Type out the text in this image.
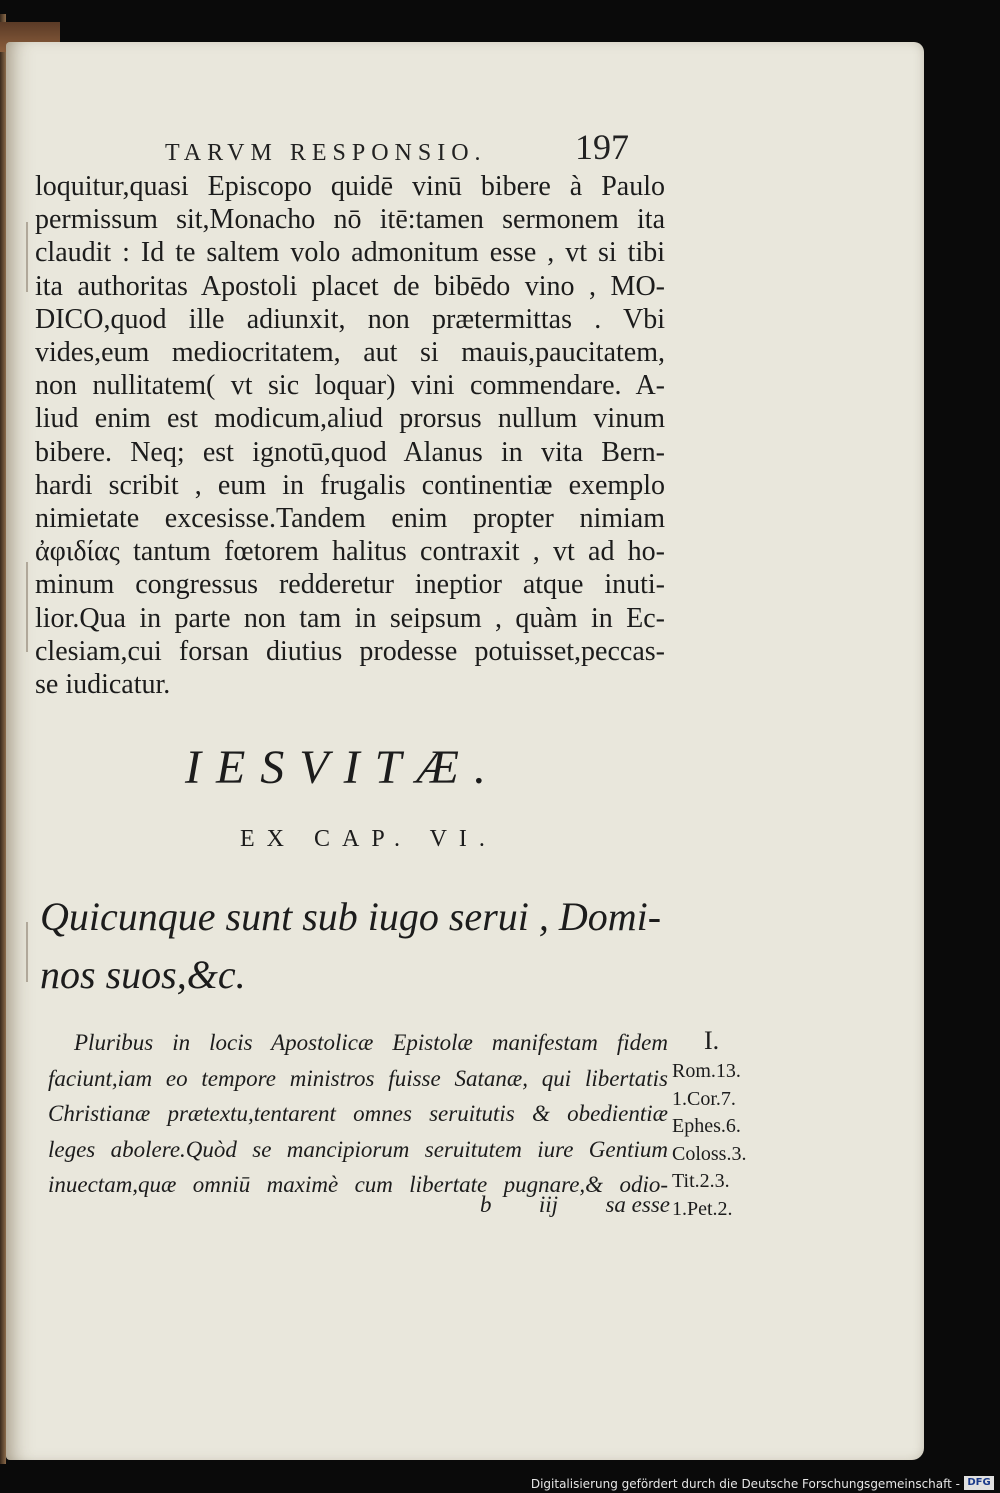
TARVM RESPONSIO. 197
loquitur,quasi Episcopo quidē vinū bibere à Paulo
permissum sit,Monacho nō itē:tamen sermonem ita
claudit : Id te saltem volo admonitum esse , vt si tibi
ita authoritas Apostoli placet de bibēdo vino , MO-
DICO,quod ille adiunxit, non prætermittas . Vbi
vides,eum mediocritatem, aut si mauis,paucitatem,
non nullitatem( vt sic loquar) vini commendare. A-
liud enim est modicum,aliud prorsus nullum vinum
bibere. Neq; est ignotū,quod Alanus in vita Bern-
hardi scribit , eum in frugalis continentiæ exemplo
nimietate excesisse.Tandem enim propter nimiam
ἀφιδίας tantum fœtorem halitus contraxit , vt ad ho-
minum congressus redderetur ineptior atque inuti-
lior.Qua in parte non tam in seipsum , quàm in Ec-
clesiam,cui forsan diutius prodesse potuisset,peccas-
se iudicatur.
IESVITÆ.
EX CAP. VI.
Quicunque sunt sub iugo serui , Domi-
nos suos,&c.
Pluribus in locis Apostolicæ Epistolæ manifestam fidem
faciunt,iam eo tempore ministros fuisse Satanæ, qui libertatis
Christianæ prætextu,tentarent omnes seruitutis & obedientiæ
leges abolere.Quòd se mancipiorum seruitutem iure Gentium
inuectam,quæ omniū maximè cum libertate pugnare,& odio-
b iij sa esse
I.
Rom.13.
1.Cor.7.
Ephes.6.
Coloss.3.
Tit.2.3.
1.Pet.2.
Digitalisierung gefördert durch die Deutsche Forschungsgemeinschaft - DFG
